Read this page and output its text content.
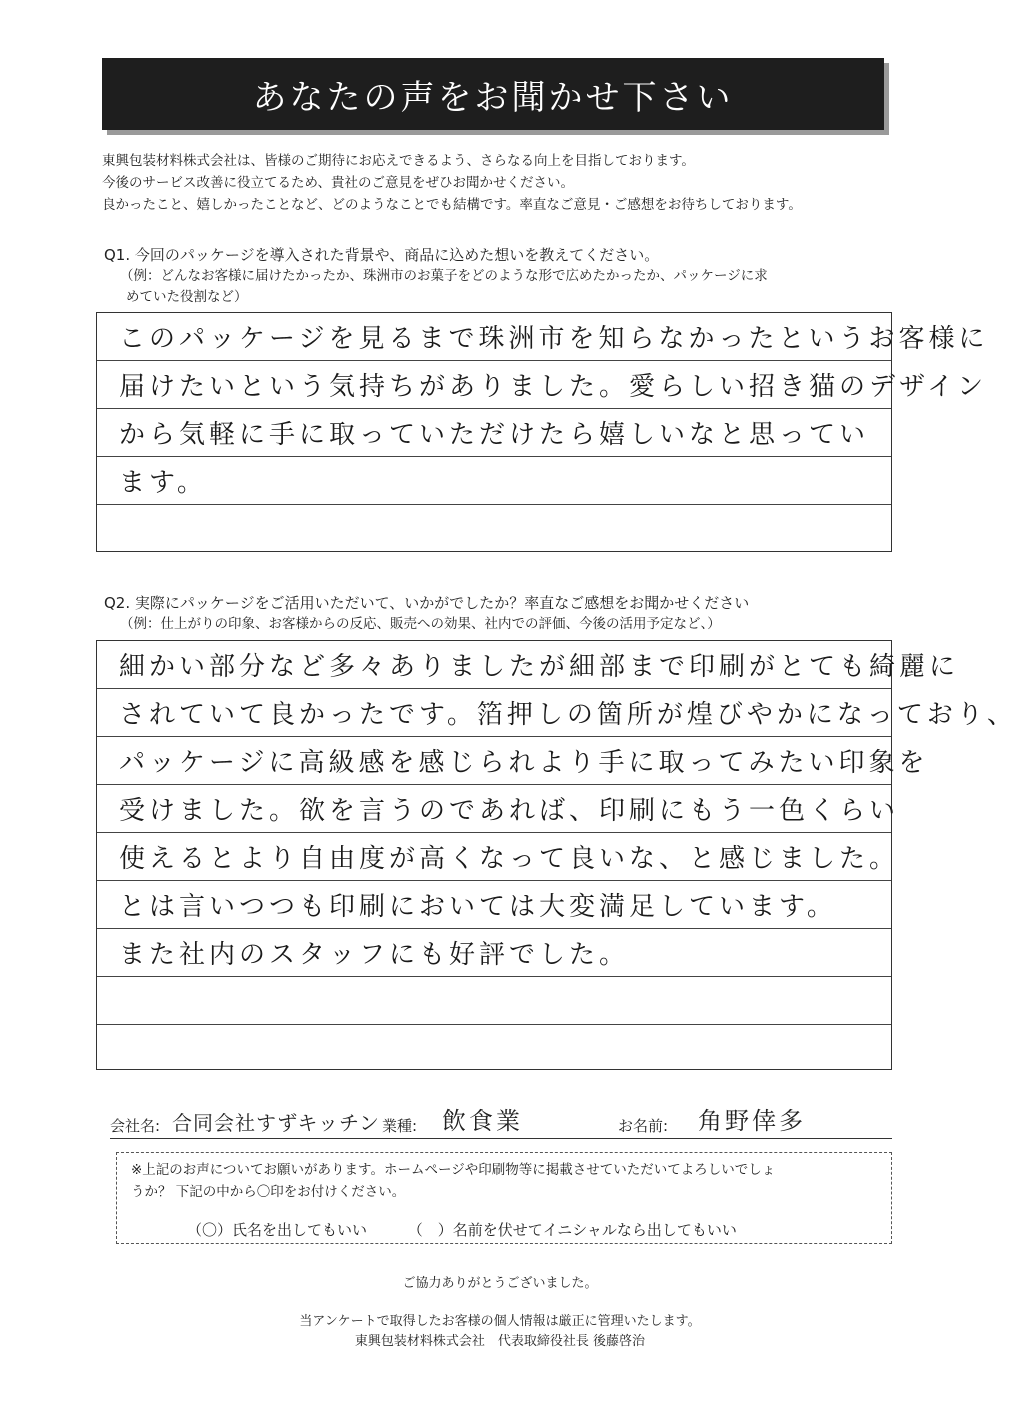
あなたの声をお聞かせ下さい
東興包装材料株式会社は、皆様のご期待にお応えできるよう、さらなる向上を目指しております。
今後のサービス改善に役立てるため、貴社のご意見をぜひお聞かせください。
良かったこと、嬉しかったことなど、どのようなことでも結構です。率直なご意見・ご感想をお待ちしております。
Q1. 今回のパッケージを導入された背景や、商品に込めた想いを教えてください。
（例：どんなお客様に届けたかったか、珠洲市のお菓子をどのような形で広めたかったか、パッケージに求
めていた役割など）
このパッケージを見るまで珠洲市を知らなかったというお客様に
届けたいという気持ちがありました。愛らしい招き猫のデザイン
から気軽に手に取っていただけたら嬉しいなと思ってい
ます。
Q2. 実際にパッケージをご活用いただいて、いかがでしたか？率直なご感想をお聞かせください
（例：仕上がりの印象、お客様からの反応、販売への効果、社内での評価、今後の活用予定など、）
細かい部分など多々ありましたが細部まで印刷がとても綺麗に
されていて良かったです。箔押しの箇所が煌びやかになっており、
パッケージに高級感を感じられより手に取ってみたい印象を
受けました。欲を言うのであれば、印刷にもう一色くらい
使えるとより自由度が高くなって良いな、と感じました。
とは言いつつも印刷においては大変満足しています。
また社内のスタッフにも好評でした。
会社名: 合同会社すずキッチン 業種: 飲食業	お名前: 角野倖多
※上記のお声についてお願いがあります。ホームページや印刷物等に掲載させていただいてよろしいでしょ
うか？ 下記の中から〇印をお付けください。
（〇）氏名を出してもいい	（　）名前を伏せてイニシャルなら出してもいい
ご協力ありがとうございました。
当アンケートで取得したお客様の個人情報は厳正に管理いたします。
東興包装材料株式会社　代表取締役社長 後藤啓治
